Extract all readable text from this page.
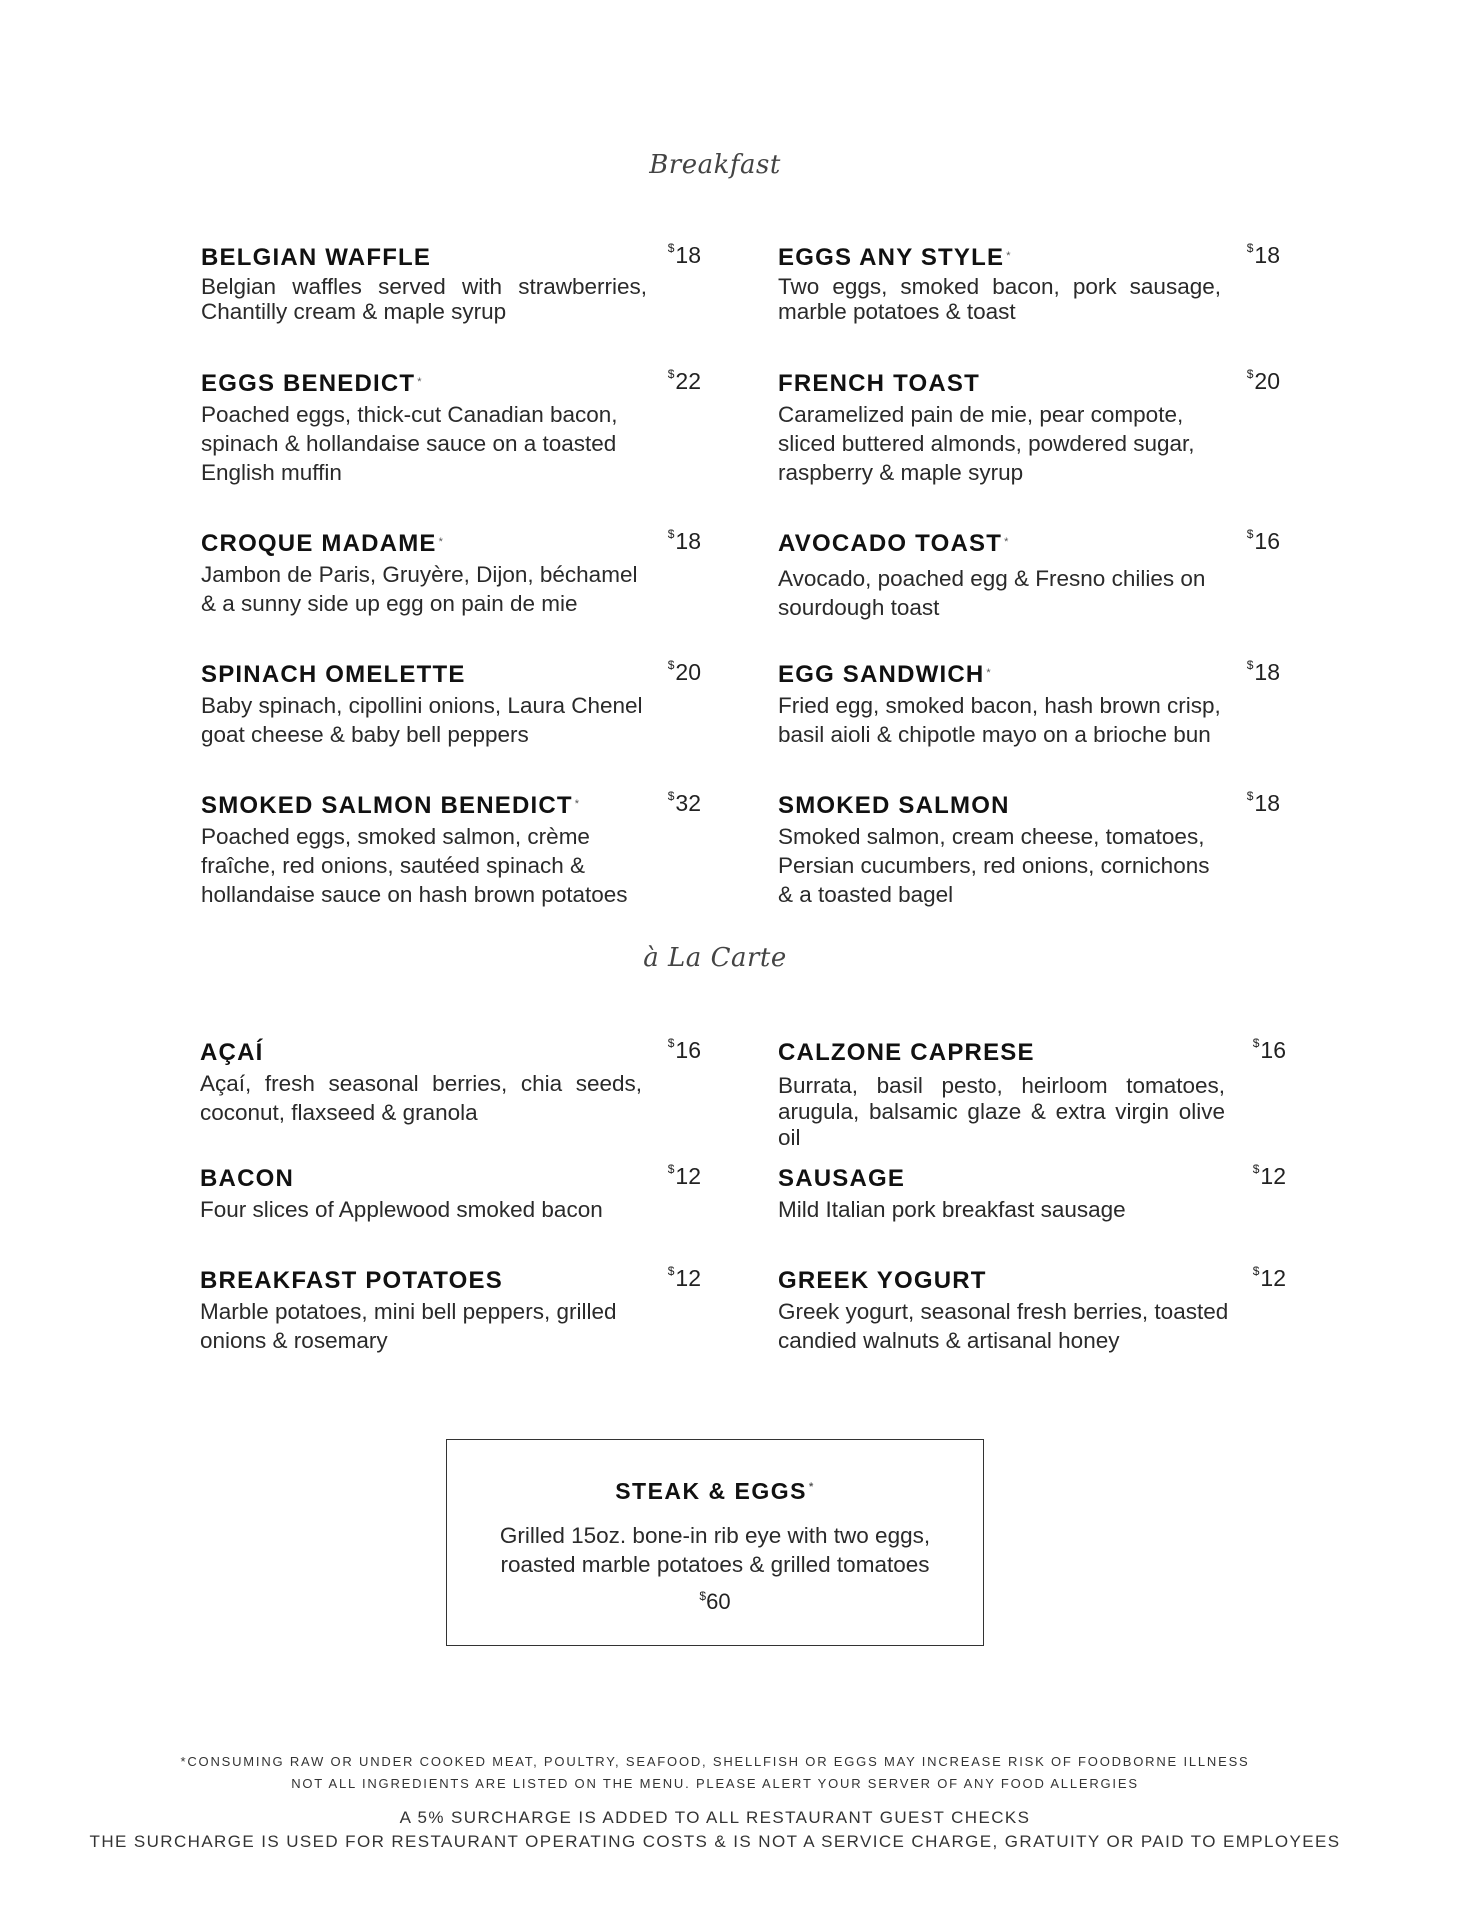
Breakfast
à La Carte
BELGIAN WAFFLE	$18
Belgian waffles served with strawberries, Chantilly cream & maple syrup
EGGS BENEDICT *
$22
Poached eggs, thick-cut Canadian bacon, spinach & hollandaise sauce on a toasted English muffin
CROQUE MADAME *
$18
Jambon de Paris, Gruyère, Dijon, béchamel & a sunny side up egg on pain de mie
SPINACH OMELETTE	$20
Baby spinach, cipollini onions, Laura Chenel goat cheese & baby bell peppers
SMOKED SALMON BENEDICT *
$32
Poached eggs, smoked salmon, crème fraîche, red onions, sautéed spinach & hollandaise sauce on hash brown potatoes
EGGS ANY STYLE *
$18
Two eggs, smoked bacon, pork sausage, marble potatoes & toast
FRENCH TOAST	$20
Caramelized pain de mie, pear compote, sliced buttered almonds, powdered sugar, raspberry & maple syrup
AVOCADO TOAST *
$16
Avocado, poached egg & Fresno chilies on sourdough toast
EGG SANDWICH *
$18
Fried egg, smoked bacon, hash brown crisp, basil aioli & chipotle mayo on a brioche bun
SMOKED SALMON	$18
Smoked salmon, cream cheese, tomatoes, Persian cucumbers, red onions, cornichons & a toasted bagel
AÇAÍ	$16
Açaí, fresh seasonal berries, chia seeds, coconut, flaxseed & granola
BACON	$12
Four slices of Applewood smoked bacon
BREAKFAST POTATOES	$12
Marble potatoes, mini bell peppers, grilled onions & rosemary
CALZONE CAPRESE	$16
Burrata, basil pesto, heirloom tomatoes, arugula, balsamic glaze & extra virgin olive oil
SAUSAGE	$12
Mild Italian pork breakfast sausage
GREEK YOGURT	$12
Greek yogurt, seasonal fresh berries, toasted candied walnuts & artisanal honey
STEAK & EGGS *
Grilled 15oz. bone-in rib eye with two eggs,
roasted marble potatoes & grilled tomatoes
$60
*CONSUMING RAW OR UNDER COOKED MEAT, POULTRY, SEAFOOD, SHELLFISH OR EGGS MAY INCREASE RISK OF FOODBORNE ILLNESS
NOT ALL INGREDIENTS ARE LISTED ON THE MENU. PLEASE ALERT YOUR SERVER OF ANY FOOD ALLERGIES
A 5% SURCHARGE IS ADDED TO ALL RESTAURANT GUEST CHECKS
THE SURCHARGE IS USED FOR RESTAURANT OPERATING COSTS & IS NOT A SERVICE CHARGE, GRATUITY OR PAID TO EMPLOYEES
